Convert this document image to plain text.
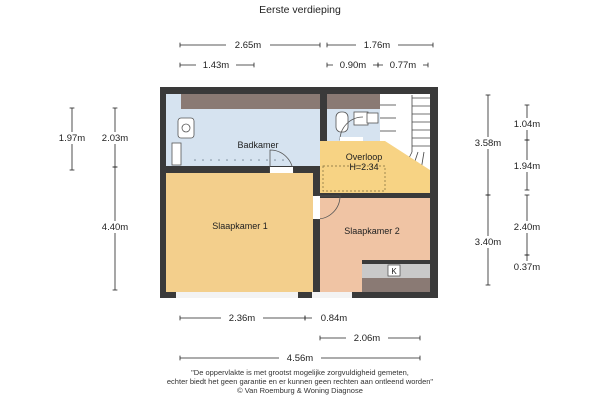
Eerste verdieping
Badkamer
Overloop
H=2.34
Slaapkamer 1	Slaapkamer 2
K
2.65m	1.76m
1.43m	0.90m 0.77m
1.97m 2.03m
4.40m
3.58m
3.40m
1.04m
1.94m
2.40m
0.37m
2.36m	0.84m
2.06m
4.56m
"De oppervlakte is met grootst mogelijke zorgvuldigheid gemeten,
echter biedt het geen garantie en er kunnen geen rechten aan ontleend worden"
© Van Roemburg & Woning Diagnose
